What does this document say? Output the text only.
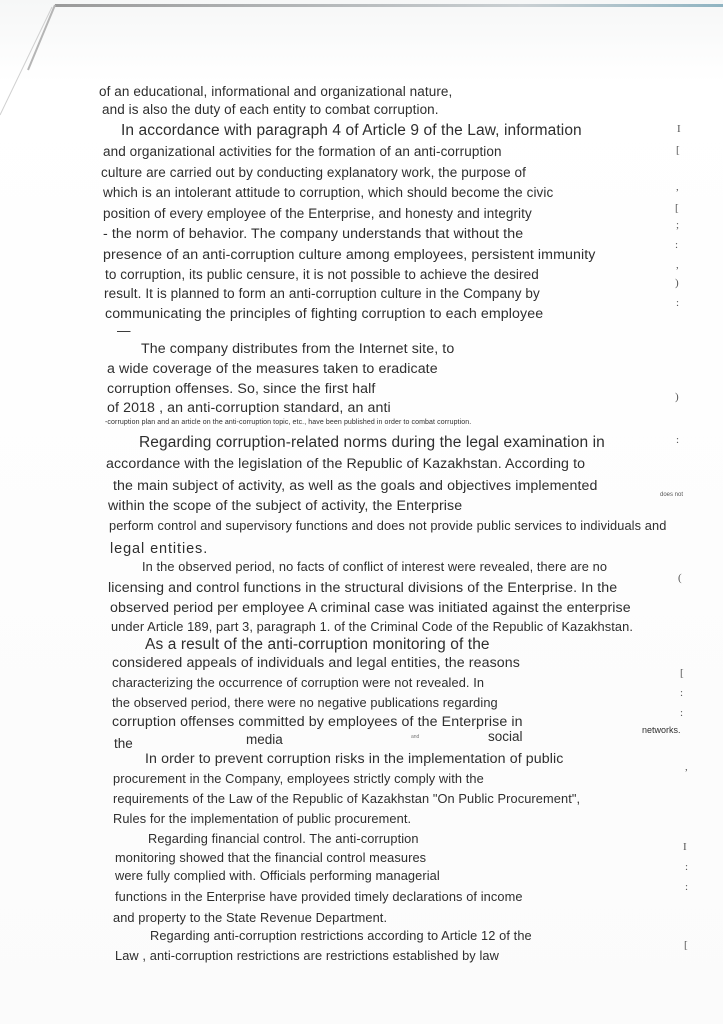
of an educational, informational and organizational nature,
and is also the duty of each entity to combat corruption.
In accordance with paragraph 4 of Article 9 of the Law, information
and organizational activities for the formation of an anti-corruption
culture are carried out by conducting explanatory work, the purpose of
which is an intolerant attitude to corruption, which should become the civic
position of every employee of the Enterprise, and honesty and integrity
- the norm of behavior. The company understands that without the
presence of an anti-corruption culture among employees, persistent immunity
to corruption, its public censure, it is not possible to achieve the desired
result. It is planned to form an anti-corruption culture in the Company by
communicating the principles of fighting corruption to each employee
—
The company distributes from the Internet site, to
a wide coverage of the measures taken to eradicate
corruption offenses. So, since the first half
of 2018 , an anti-corruption standard, an anti
-corruption plan and an article on the anti-corruption topic, etc., have been published in order to combat corruption.
Regarding corruption-related norms during the legal examination in
accordance with the legislation of the Republic of Kazakhstan. According to
the main subject of activity, as well as the goals and objectives implemented
within the scope of the subject of activity, the Enterprise
perform control and supervisory functions and does not provide public services to individuals and
legal entities.
In the observed period, no facts of conflict of interest were revealed, there are no
licensing and control functions in the structural divisions of the Enterprise. In the
observed period per employee A criminal case was initiated against the enterprise
under Article 189, part 3, paragraph 1. of the Criminal Code of the Republic of Kazakhstan.
As a result of the anti-corruption monitoring of the
considered appeals of individuals and legal entities, the reasons
characterizing the occurrence of corruption were not revealed. In
the observed period, there were no negative publications regarding
corruption offenses committed by employees of the Enterprise in
the	media	and	social	networks.
In order to prevent corruption risks in the implementation of public
procurement in the Company, employees strictly comply with the
requirements of the Law of the Republic of Kazakhstan "On Public Procurement",
Rules for the implementation of public procurement.
Regarding financial control. The anti-corruption
monitoring showed that the financial control measures
were fully complied with. Officials performing managerial
functions in the Enterprise have provided timely declarations of income
and property to the State Revenue Department.
Regarding anti-corruption restrictions according to Article 12 of the
Law , anti-corruption restrictions are restrictions established by law
I
[
,
[
;
:
,
)
:
)
:
(
[
:
:
,
I
:
:
[
does not
